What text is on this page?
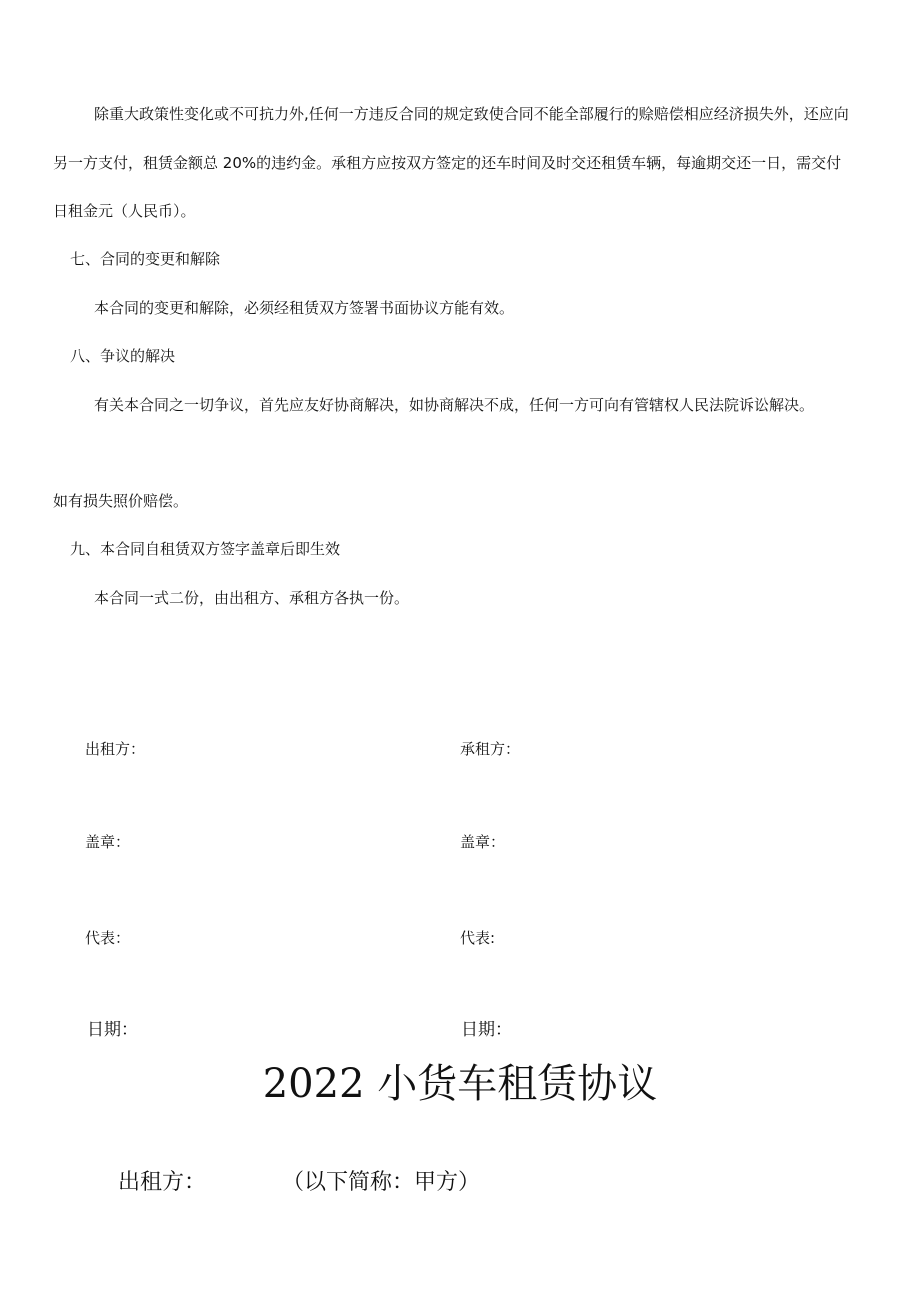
除重大政策性变化或不可抗力外,任何一方违反合同的规定致使合同不能全部履行的赊赔偿相应经济损失外，还应向
另一方支付，租赁金额总 20%的违约金。承租方应按双方签定的还车时间及时交还租赁车辆，每逾期交还一日，需交付
日租金元（人民币）。
七、合同的变更和解除
本合同的变更和解除，必须经租赁双方签署书面协议方能有效。
八、争议的解决
有关本合同之一切争议，首先应友好协商解决，如协商解决不成，任何一方可向有管辖权人民法院诉讼解决。
如有损失照价赔偿。
九、本合同自租赁双方签字盖章后即生效
本合同一式二份，由出租方、承租方各执一份。
出租方：	承租方：
盖章：	盖章：
代表：	代表:
日期：	日期：
2022 小货车租赁协议
出租方：	（以下简称：甲方）
